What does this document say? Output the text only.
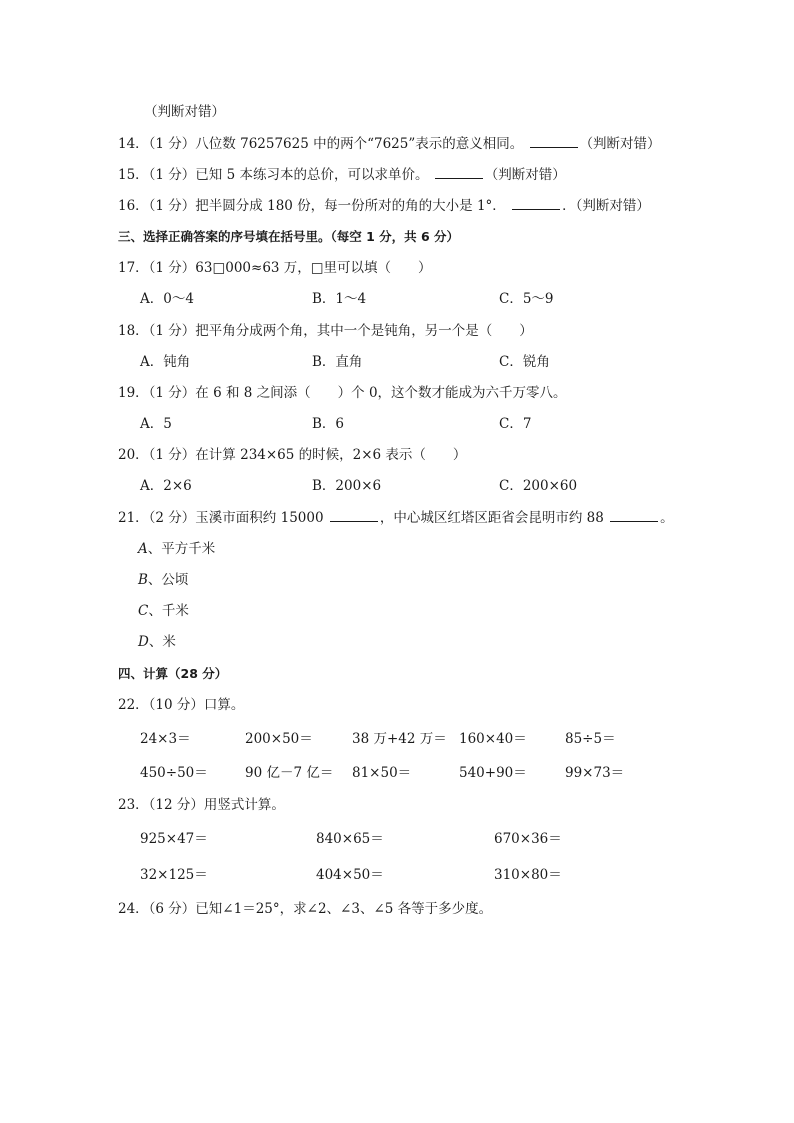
（判断对错）
14．（1 分）八位数 76257625 中的两个“7625”表示的意义相同。	（判断对错）
15．（1 分）已知 5 本练习本的总价，可以求单价。	（判断对错）
16．（1 分）把半圆分成 180 份，每一份所对的角的大小是 1°．	．（判断对错）
三、选择正确答案的序号填在括号里。（每空 1 分，共 6 分）
17．（1 分）63□000≈63 万，□里可以填（　　）
A．0～4	B．1～4	C．5～9
18．（1 分）把平角分成两个角，其中一个是钝角，另一个是（　　）
A．钝角	B．直角	C．锐角
19．（1 分）在 6 和 8 之间添（　　）个 0，这个数才能成为六千万零八。
A．5	B．6	C．7
20．（1 分）在计算 234×65 的时候，2×6 表示（　　）
A．2×6	B．200×6	C．200×60
21．（2 分）玉溪市面积约 15000	，中心城区红塔区距省会昆明市约 88	。
A、平方千米
B、公顷
C、千米
D、米
四、计算（28 分）
22．（10 分）口算。
24×3＝	200×50＝	38 万+42 万＝ 160×40＝	85÷5＝
450÷50＝	90 亿－7 亿＝ 81×50＝	540+90＝	99×73＝
23．（12 分）用竖式计算。
925×47＝	840×65＝	670×36＝
32×125＝	404×50＝	310×80＝
24．（6 分）已知∠1＝25°，求∠2、∠3、∠5 各等于多少度。
